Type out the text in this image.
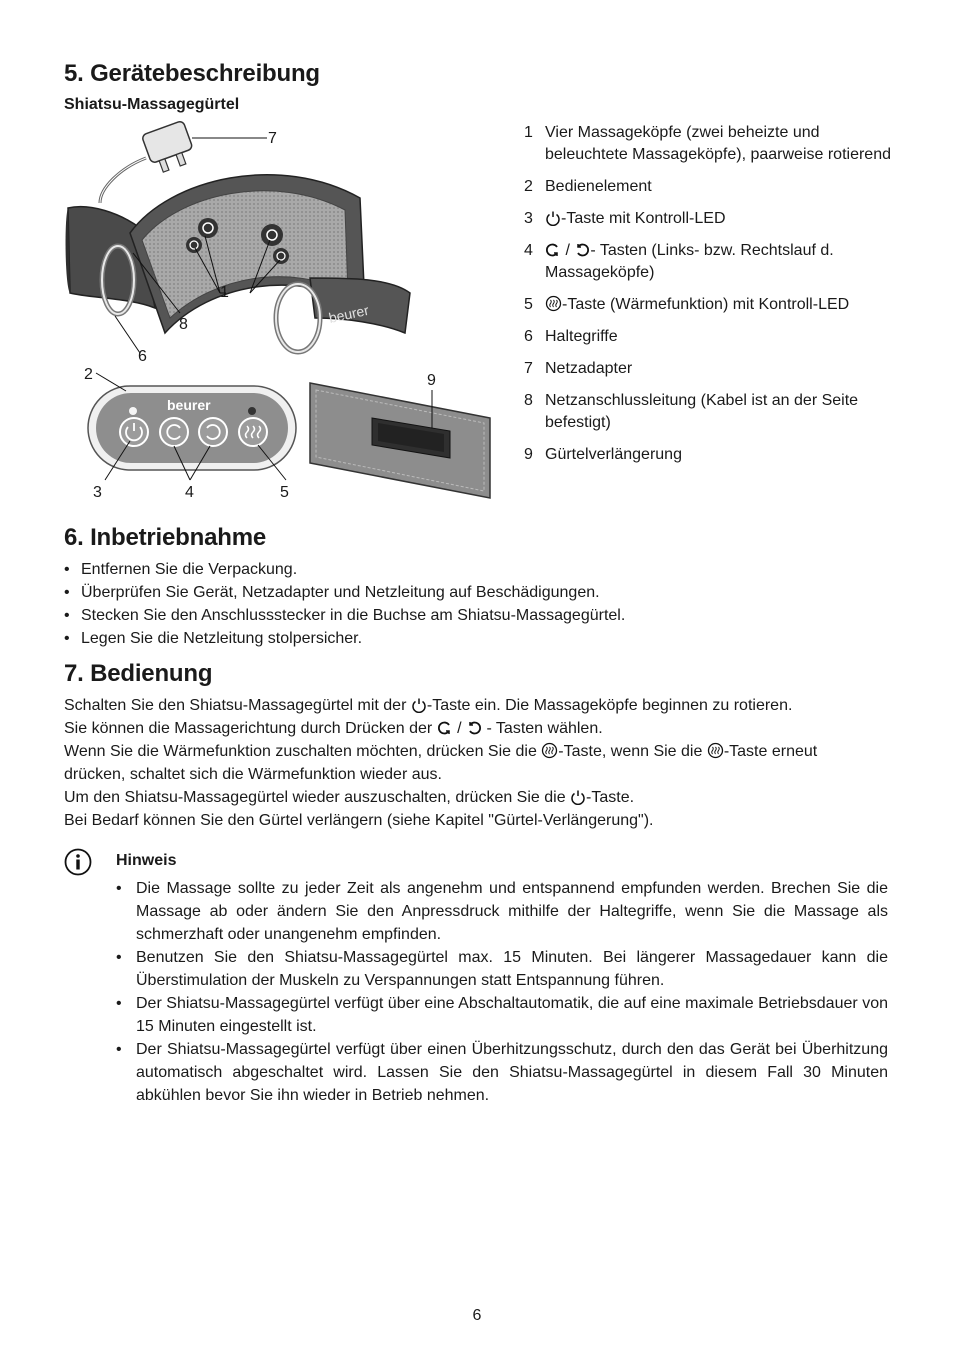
5. Gerätebeschreibung
Shiatsu-Massagegürtel
beurer
beurer
7
1
8
6
2	9
3	4	5
1 Vier Massageköpfe (zwei beheizte und beleuchtete Massageköpfe), paarweise rotierend
2 Bedienelement
3	-Taste mit Kontroll-LED
4	/ - Tasten (Links- bzw. Rechtslauf d. Massageköpfe)
5	-Taste (Wärmefunktion) mit Kontroll-LED
6 Haltegriffe
7 Netzadapter
8 Netzanschlussleitung (Kabel ist an der Seite befestigt)
9 Gürtelverlängerung
6. Inbetriebnahme
• Entfernen Sie die Verpackung.
• Überprüfen Sie Gerät, Netzadapter und Netzleitung auf Beschädigungen.
• Stecken Sie den Anschlussstecker in die Buchse am Shiatsu-Massagegürtel.
• Legen Sie die Netzleitung stolpersicher.
7. Bedienung
Schalten Sie den Shiatsu-Massagegürtel mit der -Taste ein. Die Massageköpfe beginnen zu rotieren.
Sie können die Massagerichtung durch Drücken der  /  - Tasten wählen.
Wenn Sie die Wärmefunktion zuschalten möchten, drücken Sie die -Taste, wenn Sie die -Taste erneut
drücken, schaltet sich die Wärmefunktion wieder aus.
Um den Shiatsu-Massagegürtel wieder auszuschalten, drücken Sie die -Taste.
Bei Bedarf können Sie den Gürtel verlängern (siehe Kapitel "Gürtel-Verlängerung").
Hinweis
• Die Massage sollte zu jeder Zeit als angenehm und entspannend empfunden werden. Brechen Sie die Massage ab oder ändern Sie den Anpressdruck mithilfe der Haltegriffe, wenn Sie die Massage als schmerzhaft oder unangenehm empfinden.
• Benutzen Sie den Shiatsu-Massagegürtel max. 15 Minuten. Bei längerer Massagedauer kann die Überstimulation der Muskeln zu Verspannungen statt Entspannung führen.
• Der Shiatsu-Massagegürtel verfügt über eine Abschaltautomatik, die auf eine maximale Betriebsdauer von 15 Minuten eingestellt ist.
• Der Shiatsu-Massagegürtel verfügt über einen Überhitzungsschutz, durch den das Gerät bei Überhitzung automatisch abgeschaltet wird. Lassen Sie den Shiatsu-Massagegürtel in diesem Fall 30 Minuten abkühlen bevor Sie ihn wieder in Betrieb nehmen.
6
